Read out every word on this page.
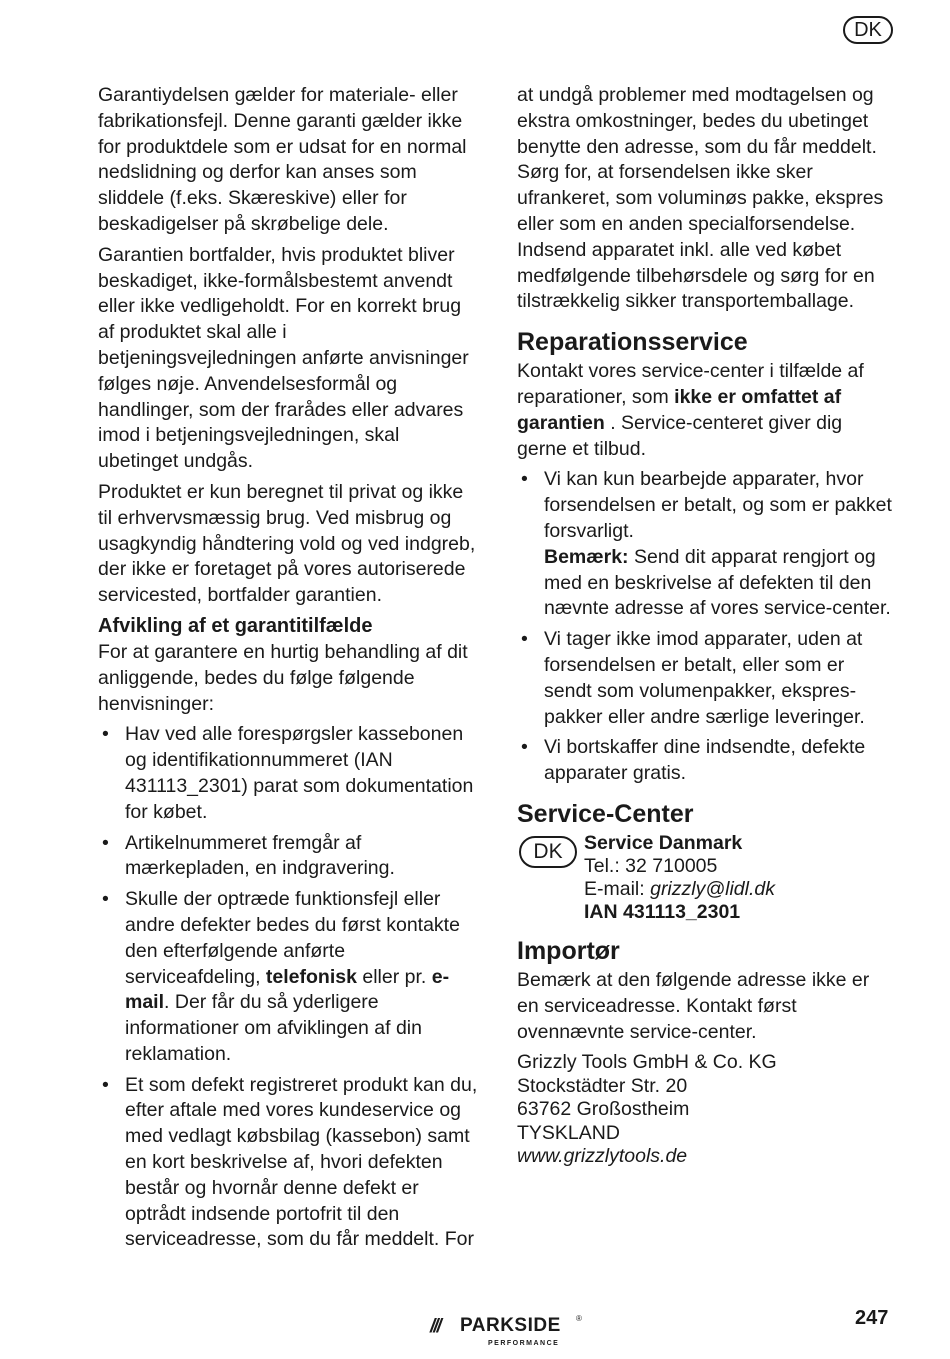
DK

Garantiydelsen gælder for materiale- eller fabrikationsfejl. Denne garanti gælder ikke for produktdele som er udsat for en normal nedslidning og derfor kan anses som sliddele (f.eks. Skæreskive) eller for beskadigelser på skrøbelige dele.

Garantien bortfalder, hvis produktet bliver beskadiget, ikke-formålsbestemt anvendt eller ikke vedligeholdt. For en korrekt brug af produktet skal alle i betjeningsvejledningen anførte anvisninger følges nøje. Anvendelsesformål og handlinger, som der frarådes eller advares imod i betjeningsvejledningen, skal ubetinget undgås.

Produktet er kun beregnet til privat og ikke til erhvervsmæssig brug. Ved misbrug og usagkyndig håndtering vold og ved indgreb, der ikke er foretaget på vores autoriserede servicested, bortfalder garantien.

Afvikling af et garantitilfælde

For at garantere en hurtig behandling af dit anliggende, bedes du følge følgende henvisninger:

• Hav ved alle forespørgsler kassebonen og identifikationnummeret (IAN 431113_2301) parat som dokumentation for købet.
• Artikelnummeret fremgår af mærkepladen, en indgravering.
• Skulle der optræde funktionsfejl eller andre defekter bedes du først kontakte den efterfølgende anførte serviceafdeling, telefonisk eller pr. e-mail. Der får du så yderligere informationer om afviklingen af din reklamation.
• Et som defekt registreret produkt kan du, efter aftale med vores kundeservice og med vedlagt købsbilag (kassebon) samt en kort beskrivelse af, hvori defekten består og hvornår denne defekt er optrådt indsende portofrit til den serviceadresse, som du får meddelt. For

at undgå problemer med modtagelsen og ekstra omkostninger, bedes du ubetinget benytte den adresse, som du får meddelt. Sørg for, at forsendelsen ikke sker ufrankeret, som voluminøs pakke, ekspres eller som en anden specialforsendelse. Indsend apparatet inkl. alle ved købet medfølgende tilbehørsdele og sørg for en tilstrækkelig sikker transportemballage.

Reparationsservice

Kontakt vores service-center i tilfælde af reparationer, som ikke er omfattet af garantien . Service-centeret giver dig gerne et tilbud.

• Vi kan kun bearbejde apparater, hvor forsendelsen er betalt, og som er pakket forsvarligt.
Bemærk: Send dit apparat rengjort og med en beskrivelse af defekten til den nævnte adresse af vores service-center.
• Vi tager ikke imod apparater, uden at forsendelsen er betalt, eller som er sendt som volumenpakker, ekspres-pakker eller andre særlige leveringer.
• Vi bortskaffer dine indsendte, defekte apparater gratis.
Service-Center
DK	Service Danmark
Tel.: 32 710005
E-mail: grizzly@lidl.dk
IAN 431113_2301
Importør

Bemærk at den følgende adresse ikke er en serviceadresse. Kontakt først ovennævnte service-center.

Grizzly Tools GmbH & Co. KG
Stockstädter Str. 20
63762 Großostheim
TYSKLAND
www.grizzlytools.de
/// PARKSIDE ®
PERFORMANCE
247
